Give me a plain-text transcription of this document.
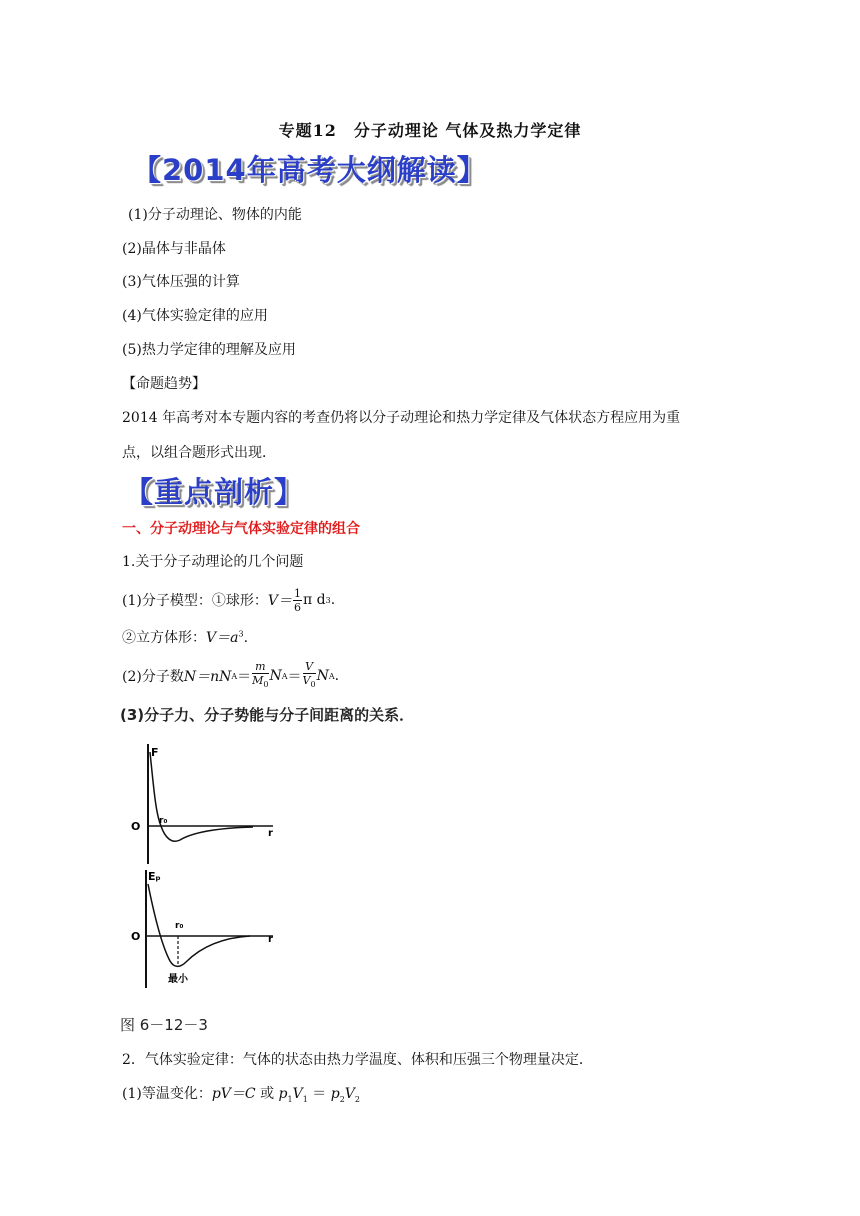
专题12　分子动理论 气体及热力学定律
【2014年高考大纲解读】
(1)分子动理论、物体的内能
(2)晶体与非晶体
(3)气体压强的计算
(4)气体实验定律的应用
(5)热力学定律的理解及应用
【命题趋势】
2014 年高考对本专题内容的考查仍将以分子动理论和热力学定律及气体状态方程应用为重
点，以组合题形式出现．
【重点剖析】
一、分子动理论与气体实验定律的组合
1.关于分子动理论的几个问题
(1)分子模型：①球形： $V= \frac{1}{6}$ π d 3 .
②立方体形：$V=a^3$.
(2)分子数 N＝nN $A = \frac{m}{M_0}$ N $A = \frac{V}{V_0}$ N A .
(3)分子力、分子势能与分子间距离的关系．
F
r
O r₀
Eₚ
r
O
r₀
最小
图 6－12－3
2．气体实验定律：气体的状态由热力学温度、体积和压强三个物理量决定．
(1)等温变化：pV＝C 或 $p_1V_1 = p_2V_2$
